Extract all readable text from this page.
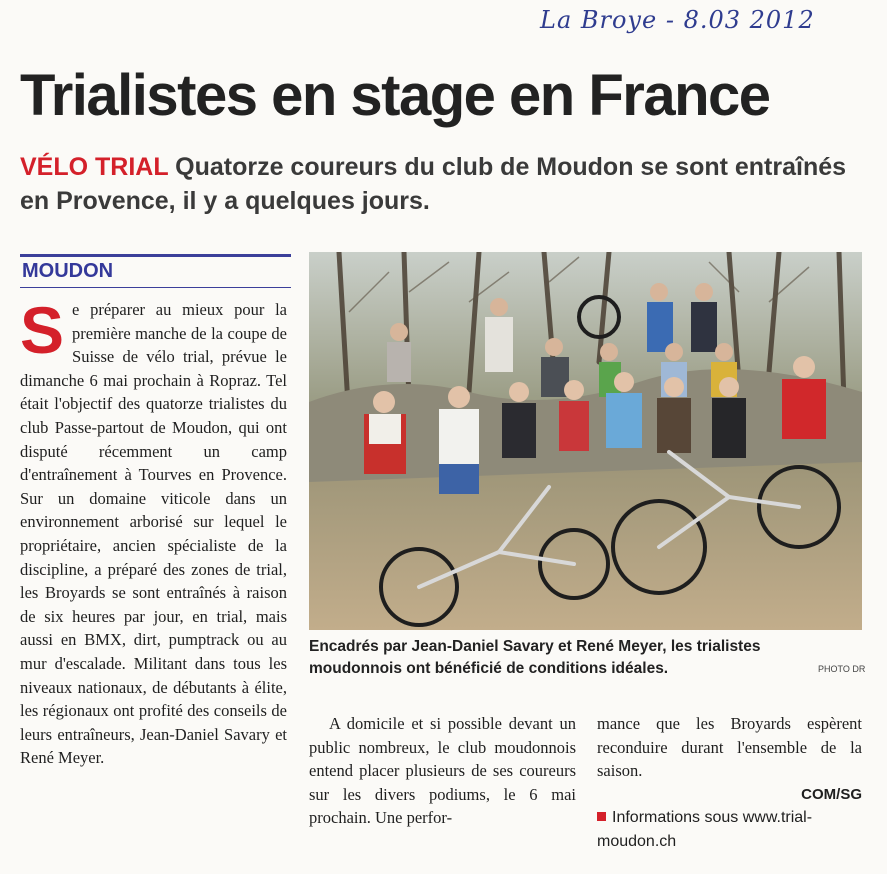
La Broye - 8.03 2012
Trialistes en stage en France
VÉLO TRIAL Quatorze coureurs du club de Moudon se sont entraînés en Provence, il y a quelques jours.
MOUDON
Se préparer au mieux pour la première manche de la coupe de Suisse de vélo trial, prévue le dimanche 6 mai prochain à Ropraz. Tel était l'objectif des quatorze trialistes du club Passe-partout de Moudon, qui ont disputé récemment un camp d'entraînement à Tourves en Provence. Sur un domaine viticole dans un environnement arborisé sur lequel le propriétaire, ancien spécialiste de la discipline, a préparé des zones de trial, les Broyards se sont entraînés à raison de six heures par jour, en trial, mais aussi en BMX, dirt, pumptrack ou au mur d'escalade. Militant dans tous les niveaux nationaux, de débutants à élite, les régionaux ont profité des conseils de leurs entraîneurs, Jean-Daniel Savary et René Meyer.
Encadrés par Jean-Daniel Savary et René Meyer, les trialistes moudonnois ont bénéficié de conditions idéales.	PHOTO DR
A domicile et si possible devant un public nombreux, le club moudonnois entend placer plusieurs de ses coureurs sur les divers podiums, le 6 mai prochain. Une perfor-
mance que les Broyards espèrent reconduire durant l'ensemble de la saison.
COM/SG
Informations sous www.trial-moudon.ch
